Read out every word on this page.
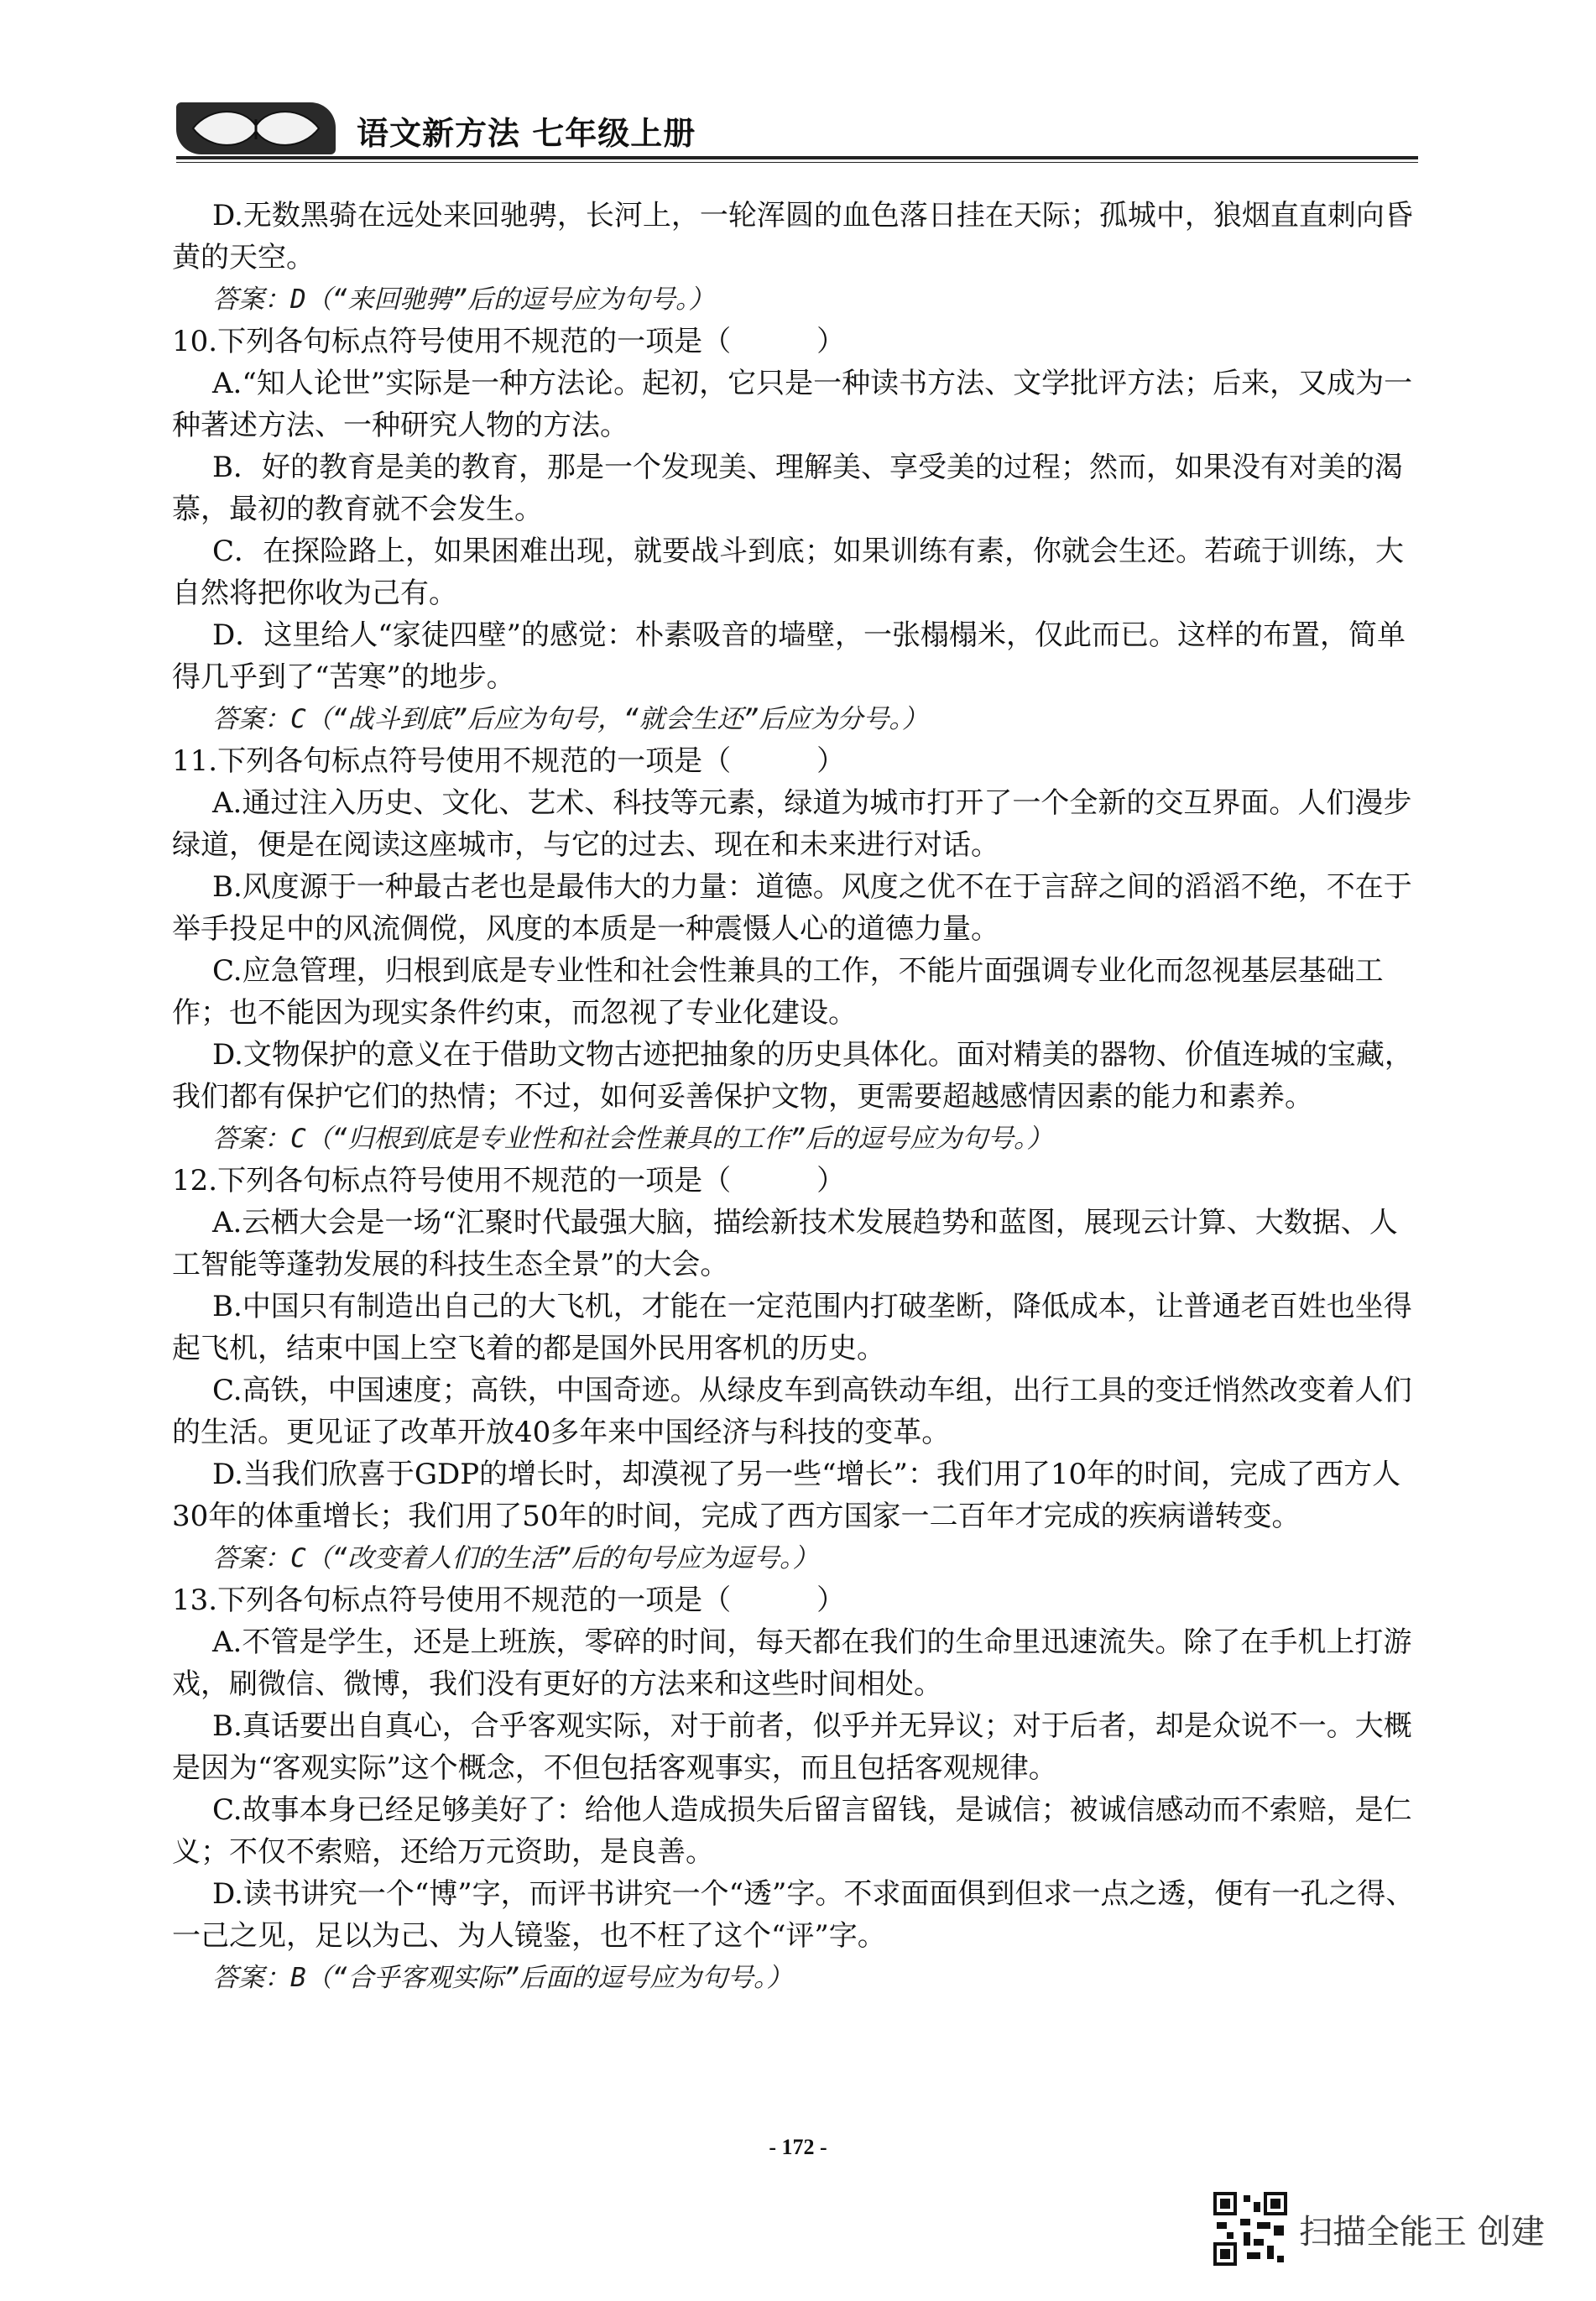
语文新方法 七年级上册

D.无数黑骑在远处来回驰骋，长河上，一轮浑圆的血色落日挂在天际；孤城中，狼烟直直刺向昏黄的天空。

答案：D（“来回驰骋”后的逗号应为句号。）

10.下列各句标点符号使用不规范的一项是（　　　）

A.“知人论世”实际是一种方法论。起初，它只是一种读书方法、文学批评方法；后来，又成为一种著述方法、一种研究人物的方法。

B．好的教育是美的教育，那是一个发现美、理解美、享受美的过程；然而，如果没有对美的渴慕，最初的教育就不会发生。

C．在探险路上，如果困难出现，就要战斗到底；如果训练有素，你就会生还。若疏于训练，大自然将把你收为己有。

D．这里给人“家徒四壁”的感觉：朴素吸音的墙壁，一张榻榻米，仅此而已。这样的布置，简单得几乎到了“苦寒”的地步。

答案：C（“战斗到底”后应为句号，“就会生还”后应为分号。）

11.下列各句标点符号使用不规范的一项是（　　　）

A.通过注入历史、文化、艺术、科技等元素，绿道为城市打开了一个全新的交互界面。人们漫步绿道，便是在阅读这座城市，与它的过去、现在和未来进行对话。

B.风度源于一种最古老也是最伟大的力量：道德。风度之优不在于言辞之间的滔滔不绝，不在于举手投足中的风流倜傥，风度的本质是一种震慑人心的道德力量。

C.应急管理，归根到底是专业性和社会性兼具的工作，不能片面强调专业化而忽视基层基础工作；也不能因为现实条件约束，而忽视了专业化建设。

D.文物保护的意义在于借助文物古迹把抽象的历史具体化。面对精美的器物、价值连城的宝藏，我们都有保护它们的热情；不过，如何妥善保护文物，更需要超越感情因素的能力和素养。

答案：C（“归根到底是专业性和社会性兼具的工作”后的逗号应为句号。）

12.下列各句标点符号使用不规范的一项是（　　　）

A.云栖大会是一场“汇聚时代最强大脑，描绘新技术发展趋势和蓝图，展现云计算、大数据、人工智能等蓬勃发展的科技生态全景”的大会。

B.中国只有制造出自己的大飞机，才能在一定范围内打破垄断，降低成本，让普通老百姓也坐得起飞机，结束中国上空飞着的都是国外民用客机的历史。

C.高铁，中国速度；高铁，中国奇迹。从绿皮车到高铁动车组，出行工具的变迁悄然改变着人们的生活。更见证了改革开放40多年来中国经济与科技的变革。

D.当我们欣喜于GDP的增长时，却漠视了另一些“增长”：我们用了10年的时间，完成了西方人30年的体重增长；我们用了50年的时间，完成了西方国家一二百年才完成的疾病谱转变。

答案：C（“改变着人们的生活”后的句号应为逗号。）

13.下列各句标点符号使用不规范的一项是（　　　）

A.不管是学生，还是上班族，零碎的时间，每天都在我们的生命里迅速流失。除了在手机上打游戏，刷微信、微博，我们没有更好的方法来和这些时间相处。

B.真话要出自真心，合乎客观实际，对于前者，似乎并无异议；对于后者，却是众说不一。大概是因为“客观实际”这个概念，不但包括客观事实，而且包括客观规律。

C.故事本身已经足够美好了：给他人造成损失后留言留钱，是诚信；被诚信感动而不索赔，是仁义；不仅不索赔，还给万元资助，是良善。

D.读书讲究一个“博”字，而评书讲究一个“透”字。不求面面俱到但求一点之透，便有一孔之得、一己之见，足以为己、为人镜鉴，也不枉了这个“评”字。

答案：B（“合乎客观实际”后面的逗号应为句号。）

- 172 -
扫描全能王 创建
